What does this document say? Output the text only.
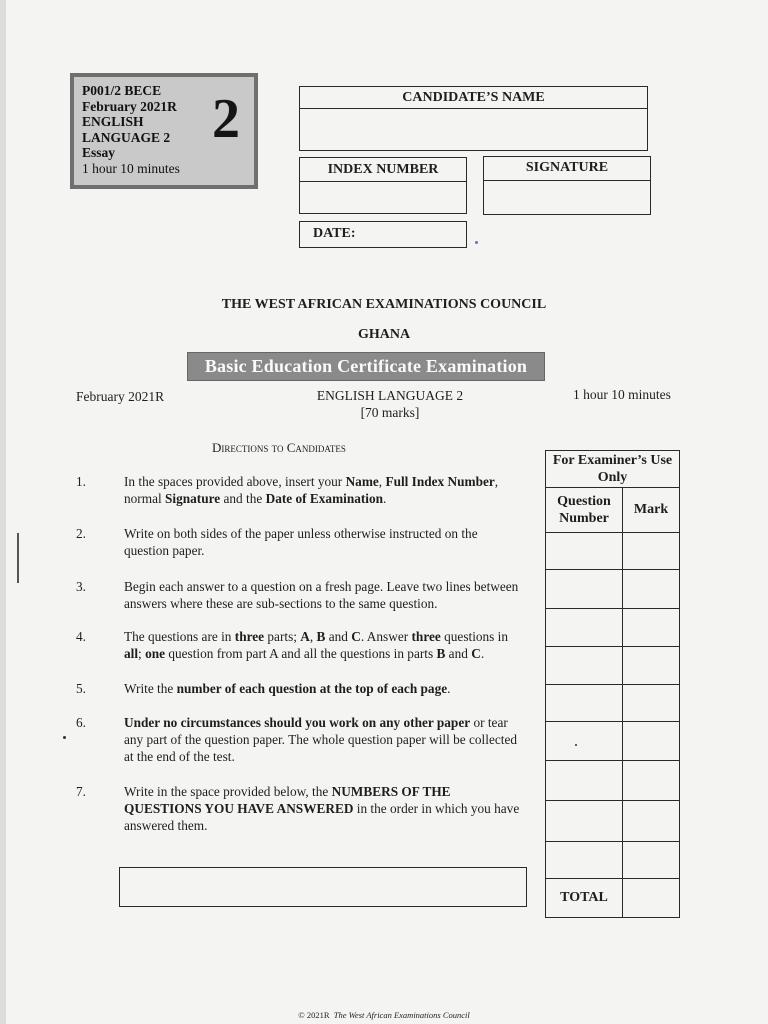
P001/2 BECE
February 2021R
ENGLISH
LANGUAGE 2
Essay
1 hour 10 minutes
2	CANDIDATE’S NAME
INDEX NUMBER	SIGNATURE
DATE:
THE WEST AFRICAN EXAMINATIONS COUNCIL
GHANA
Basic Education Certificate Examination
February 2021R	ENGLISH LANGUAGE 2
[70 marks]
1 hour 10 minutes
Directions to Candidates
1.	In the spaces provided above, insert your Name, Full Index Number, normal Signature and the Date of Examination.
2.	Write on both sides of the paper unless otherwise instructed on the question paper.
3.	Begin each answer to a question on a fresh page. Leave two lines between answers where these are sub-sections to the same question.
4.	The questions are in three parts; A, B and C. Answer three questions in all; one question from part A and all the questions in parts B and C.
5.	Write the number of each question at the top of each page.
6.	Under no circumstances should you work on any other paper or tear any part of the question paper. The whole question paper will be collected at the end of the test.
7.	Write in the space provided below, the NUMBERS OF THE QUESTIONS YOU HAVE ANSWERED in the order in which you have answered them.
For Examiner’s Use Only	
Question Number	Mark

TOTAL	
© 2021R The West African Examinations Council
